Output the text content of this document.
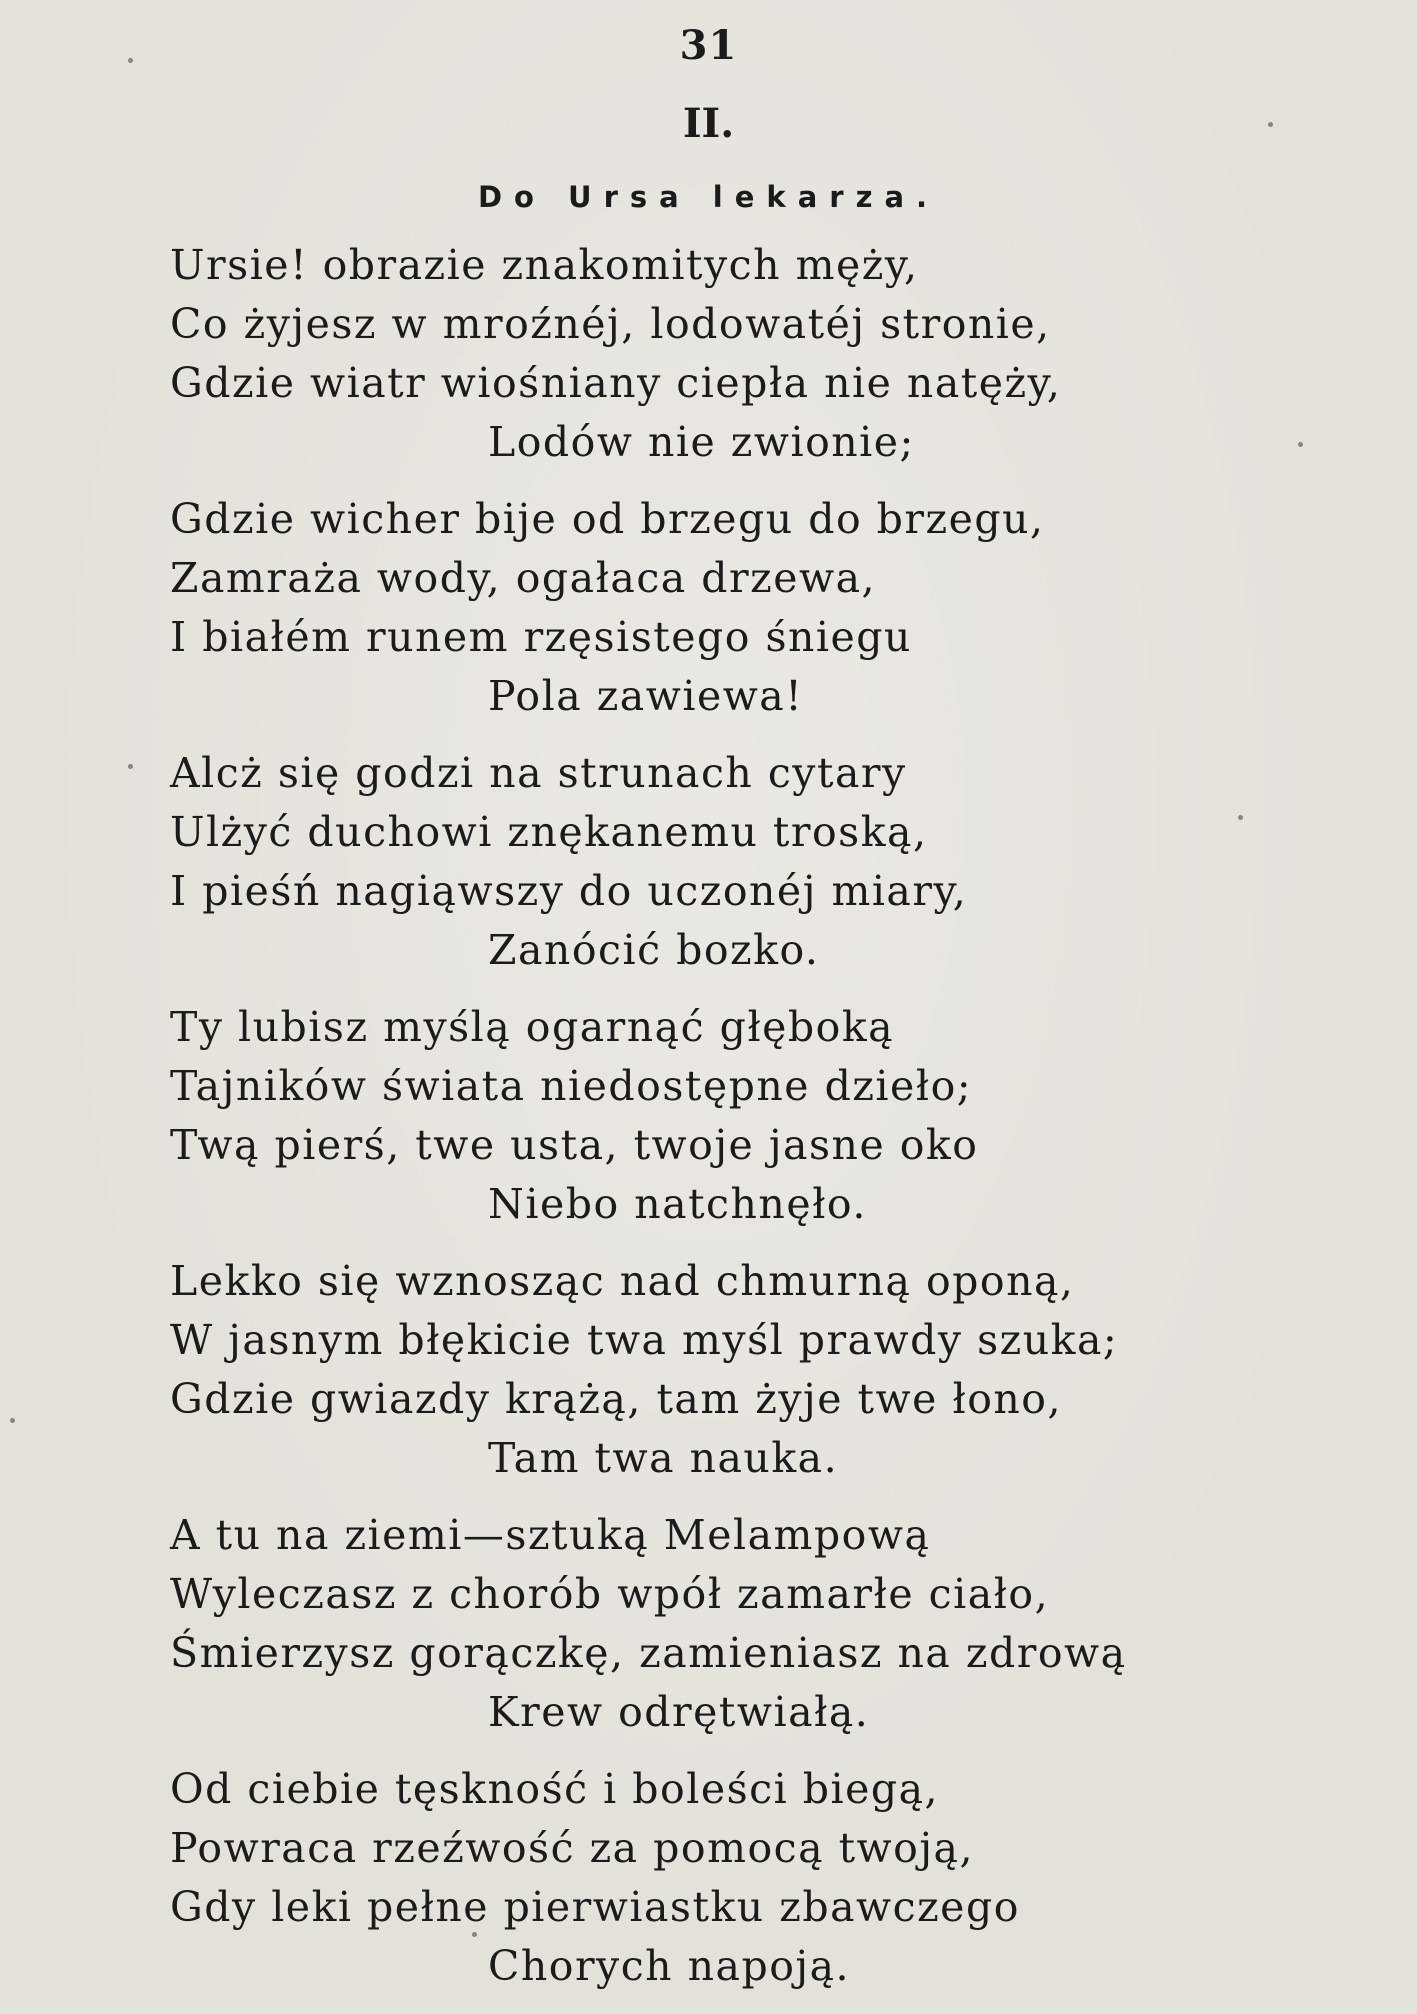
31
II.
Do Ursa lekarza.
Ursie! obrazie znakomitych męży,
Co żyjesz w mroźnéj, lodowatéj stronie,
Gdzie wiatr wiośniany ciepła nie natęży,
Lodów nie zwionie;
Gdzie wicher bije od brzegu do brzegu,
Zamraża wody, ogałaca drzewa,
I białém runem rzęsistego śniegu
Pola zawiewa!
Alcż się godzi na strunach cytary
Ulżyć duchowi znękanemu troską,
I pieśń nagiąwszy do uczonéj miary,
Zanócić bozko.
Ty lubisz myślą ogarnąć głęboką
Tajników świata niedostępne dzieło;
Twą pierś, twe usta, twoje jasne oko
Niebo natchnęło.
Lekko się wznosząc nad chmurną oponą,
W jasnym błękicie twa myśl prawdy szuka;
Gdzie gwiazdy krążą, tam żyje twe łono,
Tam twa nauka.
A tu na ziemi—sztuką Melampową
Wyleczasz z chorób wpół zamarłe ciało,
Śmierzysz gorączkę, zamieniasz na zdrową
Krew odrętwiałą.
Od ciebie tęskność i boleści biegą,
Powraca rzeźwość za pomocą twoją,
Gdy leki pełne pierwiastku zbawczego
Chorych napoją.
